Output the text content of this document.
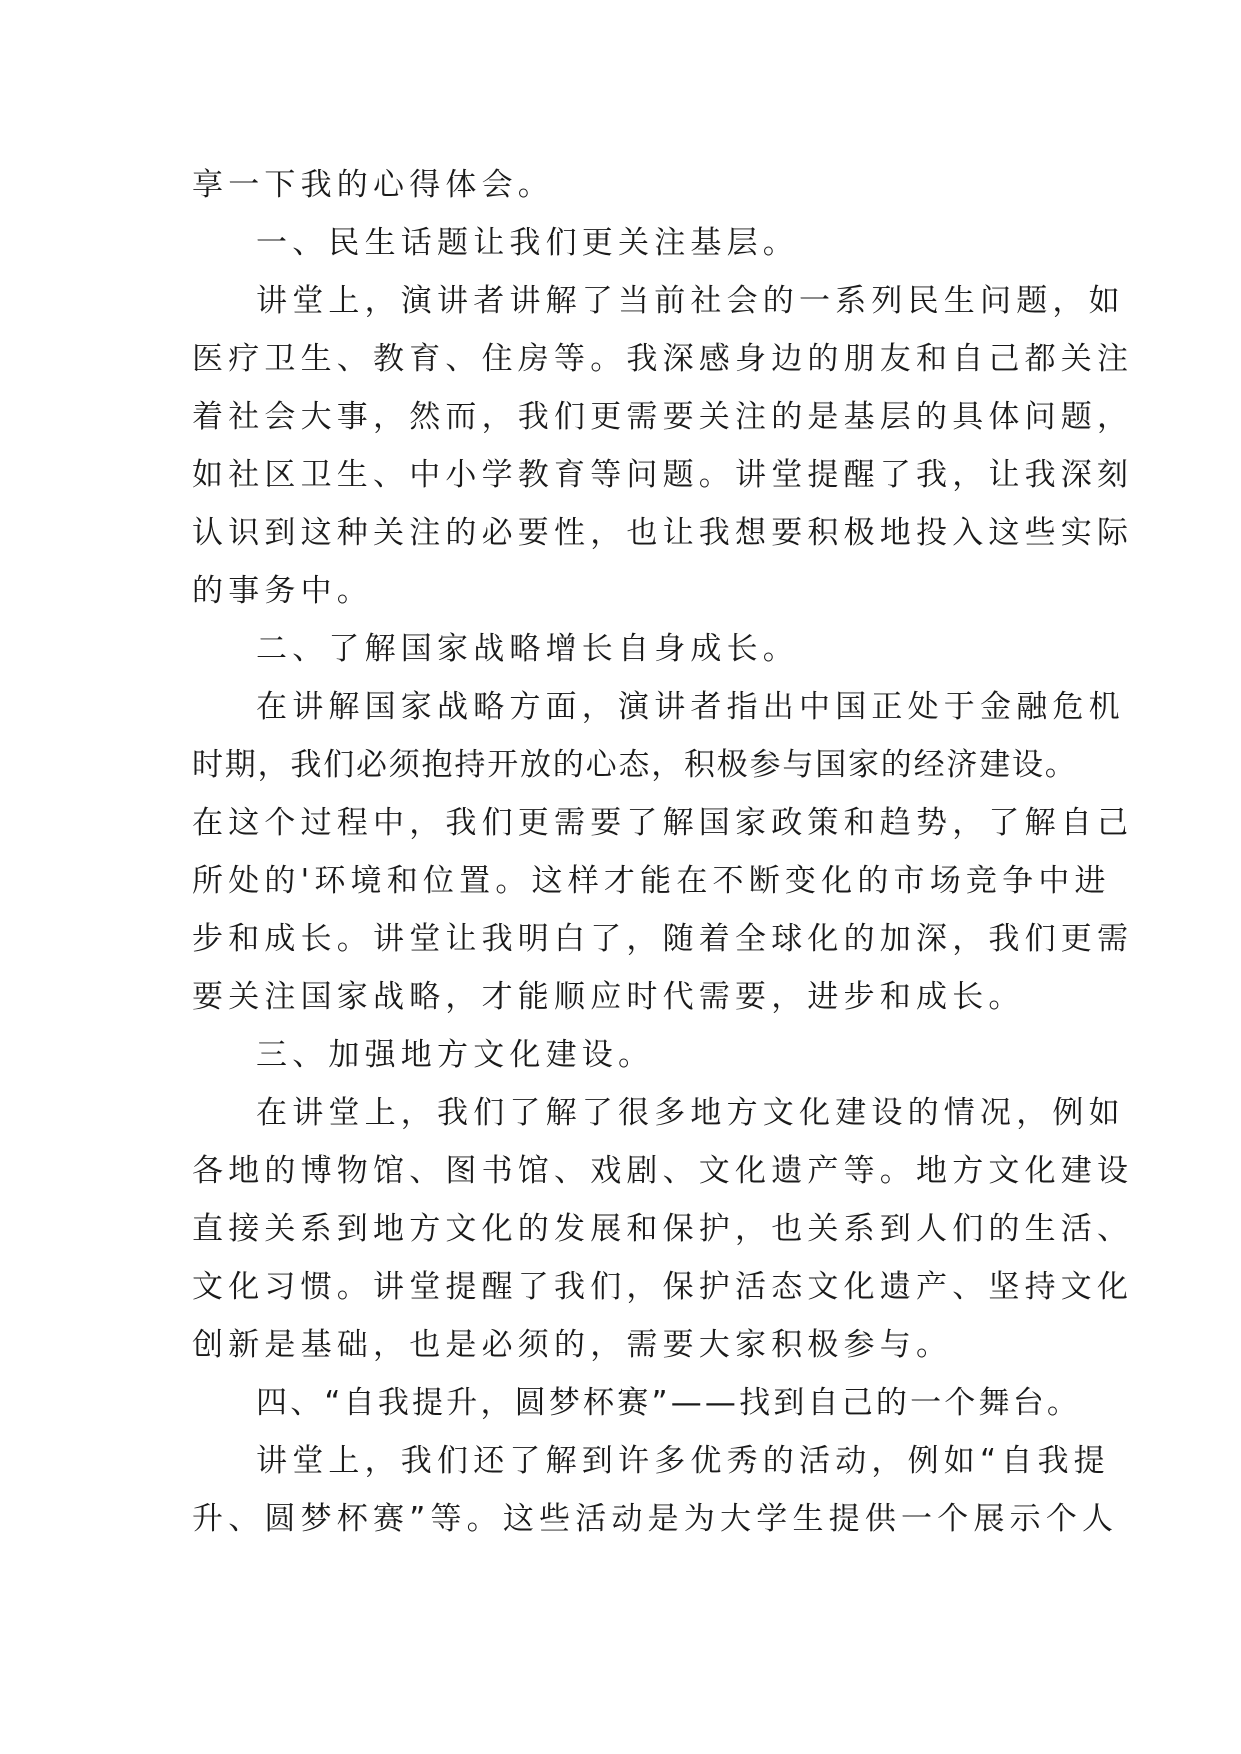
享一下我的心得体会。
一、民生话题让我们更关注基层。
讲堂上，演讲者讲解了当前社会的一系列民生问题，如
医疗卫生、教育、住房等。我深感身边的朋友和自己都关注
着社会大事，然而，我们更需要关注的是基层的具体问题，
如社区卫生、中小学教育等问题。讲堂提醒了我，让我深刻
认识到这种关注的必要性，也让我想要积极地投入这些实际
的事务中。
二、了解国家战略增长自身成长。
在讲解国家战略方面，演讲者指出中国正处于金融危机
时期，我们必须抱持开放的心态，积极参与国家的经济建设。
在这个过程中，我们更需要了解国家政策和趋势，了解自己
所处的'环境和位置。这样才能在不断变化的市场竞争中进
步和成长。讲堂让我明白了，随着全球化的加深，我们更需
要关注国家战略，才能顺应时代需要，进步和成长。
三、加强地方文化建设。
在讲堂上，我们了解了很多地方文化建设的情况，例如
各地的博物馆、图书馆、戏剧、文化遗产等。地方文化建设
直接关系到地方文化的发展和保护，也关系到人们的生活、
文化习惯。讲堂提醒了我们，保护活态文化遗产、坚持文化
创新是基础，也是必须的，需要大家积极参与。
四、“自我提升，圆梦杯赛”——找到自己的一个舞台。
讲堂上，我们还了解到许多优秀的活动，例如“自我提
升、圆梦杯赛”等。这些活动是为大学生提供一个展示个人
